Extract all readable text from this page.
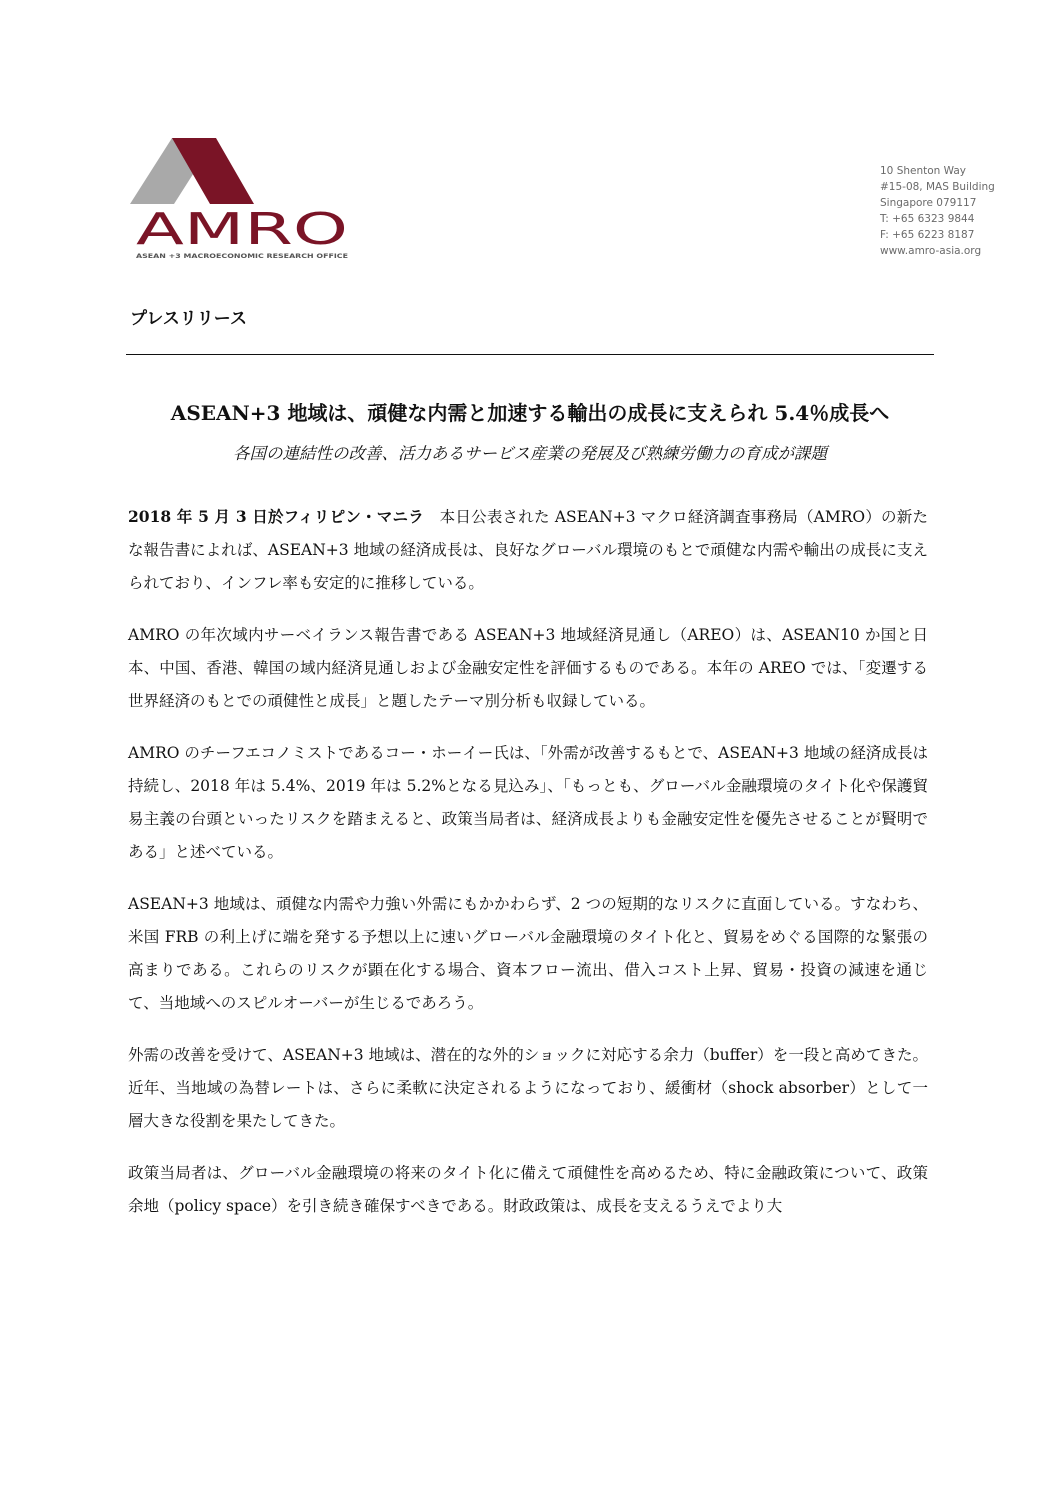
AMRO
ASEAN +3 MACROECONOMIC RESEARCH OFFICE
10 Shenton Way
#15-08, MAS Building
Singapore 079117
T: +65 6323 9844
F: +65 6223 8187
www.amro-asia.org
プレスリリース
ASEAN+3 地域は、頑健な内需と加速する輸出の成長に支えられ 5.4％成長へ
各国の連結性の改善、活力あるサービス産業の発展及び熟練労働力の育成が課題

2018 年 5 月 3 日於フィリピン・マニラ　本日公表された ASEAN+3 マクロ経済調査事務局（AMRO）の新たな報告書によれば、ASEAN+3 地域の経済成長は、良好なグローバル環境のもとで頑健な内需や輸出の成長に支えられており、インフレ率も安定的に推移している。

AMRO の年次域内サーベイランス報告書である ASEAN+3 地域経済見通し（AREO）は、ASEAN10 か国と日本、中国、香港、韓国の域内経済見通しおよび金融安定性を評価するものである。本年の AREO では、「変遷する世界経済のもとでの頑健性と成長」と題したテーマ別分析も収録している。

AMRO のチーフエコノミストであるコー・ホーイー氏は、「外需が改善するもとで、ASEAN+3 地域の経済成長は持続し、2018 年は 5.4%、2019 年は 5.2%となる見込み」、「もっとも、グローバル金融環境のタイト化や保護貿易主義の台頭といったリスクを踏まえると、政策当局者は、経済成長よりも金融安定性を優先させることが賢明である」と述べている。

ASEAN+3 地域は、頑健な内需や力強い外需にもかかわらず、2 つの短期的なリスクに直面している。すなわち、米国 FRB の利上げに端を発する予想以上に速いグローバル金融環境のタイト化と、貿易をめぐる国際的な緊張の高まりである。これらのリスクが顕在化する場合、資本フロー流出、借入コスト上昇、貿易・投資の減速を通じて、当地域へのスピルオーバーが生じるであろう。

外需の改善を受けて、ASEAN+3 地域は、潜在的な外的ショックに対応する余力（buffer）を一段と高めてきた。近年、当地域の為替レートは、さらに柔軟に決定されるようになっており、緩衝材（shock absorber）として一層大きな役割を果たしてきた。

政策当局者は、グローバル金融環境の将来のタイト化に備えて頑健性を高めるため、特に金融政策について、政策余地（policy space）を引き続き確保すべきである。財政政策は、成長を支えるうえでより大
